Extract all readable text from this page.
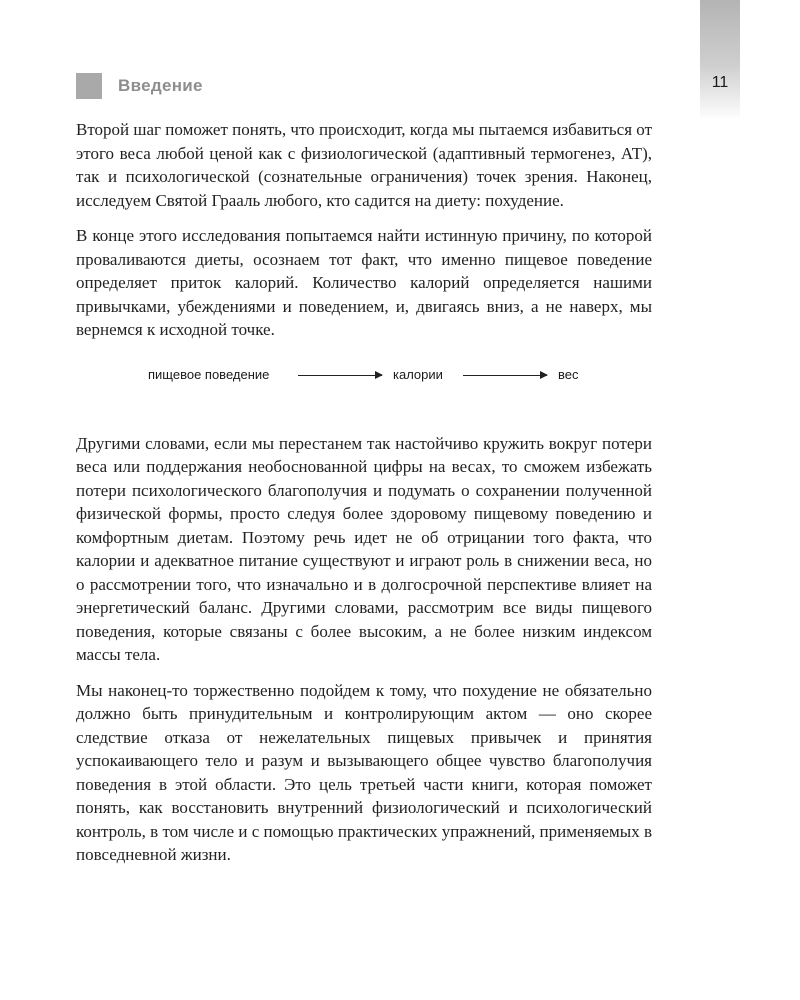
11
Введение

Второй шаг поможет понять, что происходит, когда мы пытаемся избавиться от этого веса любой ценой как с физиологической (адаптивный термогенез, АТ), так и психологической (сознательные ограничения) точек зрения. Наконец, исследуем Святой Грааль любого, кто садится на диету: похудение.

В конце этого исследования попытаемся найти истинную причину, по которой проваливаются диеты, осознаем тот факт, что именно пищевое поведение определяет приток калорий. Количество калорий определяется нашими привычками, убеждениями и поведением, и, двигаясь вниз, а не наверх, мы вернемся к исходной точке.

пищевое поведение	калории	вес

Другими словами, если мы перестанем так настойчиво кружить вокруг потери веса или поддержания необоснованной цифры на весах, то сможем избежать потери психологического благополучия и подумать о сохранении полученной физической формы, просто следуя более здоровому пищевому поведению и комфортным диетам. Поэтому речь идет не об отрицании того факта, что калории и адекватное питание существуют и играют роль в снижении веса, но о рассмотрении того, что изначально и в долгосрочной перспективе влияет на энергетический баланс. Другими словами, рассмотрим все виды пищевого поведения, которые связаны с более высоким, а не более низким индексом массы тела.

Мы наконец-то торжественно подойдем к тому, что похудение не обязательно должно быть принудительным и контролирующим актом — оно скорее следствие отказа от нежелательных пищевых привычек и принятия успокаивающего тело и разум и вызывающего общее чувство благополучия поведения в этой области. Это цель третьей части книги, которая поможет понять, как восстановить внутренний физиологический и психологический контроль, в том числе и с помощью практических упражнений, применяемых в повседневной жизни.
